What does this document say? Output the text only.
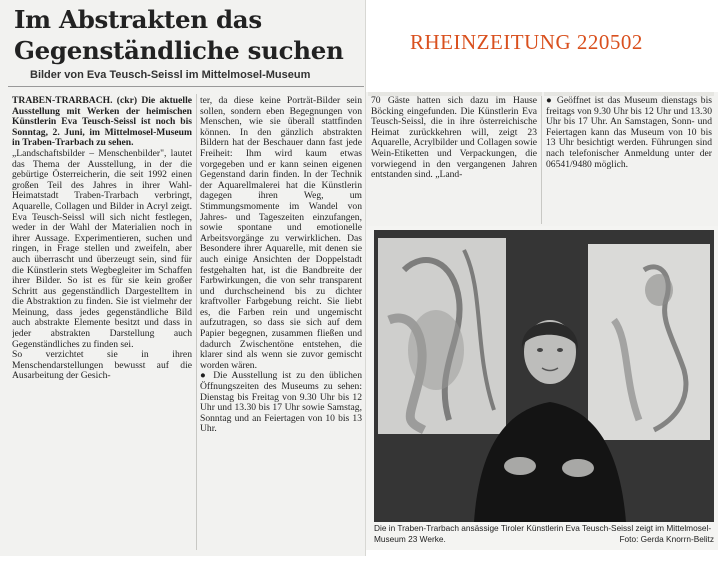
Im Abstrakten das
Gegenständliche suchen
Bilder von Eva Teusch-Seissl im Mittelmosel-Museum
RHEINZEITUNG 220502
TRABEN-TRARBACH. (ckr) Die aktuelle Ausstellung mit Werken der heimischen Künstlerin Eva Teusch-Seissl ist noch bis Sonntag, 2. Juni, im Mittelmosel-Museum in Traben-Trarbach zu sehen.
„Landschaftsbilder – Menschenbilder", lautet das Thema der Ausstellung, in der die gebürtige Österreicherin, die seit 1992 einen großen Teil des Jahres in ihrer Wahl-Heimatstadt Traben-Trarbach verbringt, Aquarelle, Collagen und Bilder in Acryl zeigt. Eva Teusch-Seissl will sich nicht festlegen, weder in der Wahl der Materialien noch in ihrer Aussage. Experimentieren, suchen und ringen, in Frage stellen und zweifeln, aber auch überrascht und überzeugt sein, sind für die Künstlerin stets Wegbegleiter im Schaffen ihrer Bilder. So ist es für sie kein großer Schritt aus gegenständlich Dargestelltem in die Abstraktion zu finden. Sie ist vielmehr der Meinung, dass jedes gegenständliche Bild auch abstrakte Elemente besitzt und dass in jeder abstrakten Darstellung auch Gegenständliches zu finden sei.
So verzichtet sie in ihren Menschendarstellungen bewusst auf die Ausarbeitung der Gesich-
ter, da diese keine Porträt-Bilder sein sollen, sondern eben Begegnungen von Menschen, wie sie überall stattfinden können. In den gänzlich abstrakten Bildern hat der Beschauer dann fast jede Freiheit: Ihm wird kaum etwas vorgegeben und er kann seinen eigenen Gegenstand darin finden. In der Technik der Aquarellmalerei hat die Künstlerin dagegen ihren Weg, um Stimmungsmomente im Wandel von Jahres- und Tageszeiten einzufangen, sowie spontane und emotionelle Arbeitsvorgänge zu verwirklichen. Das Besondere ihrer Aquarelle, mit denen sie auch einige Ansichten der Doppelstadt festgehalten hat, ist die Bandbreite der Farbwirkungen, die von sehr transparent und durchscheinend bis zu dichter kraftvoller Farbgebung reicht. Sie liebt es, die Farben rein und ungemischt aufzutragen, so dass sie sich auf dem Papier begegnen, zusammen fließen und dadurch Zwischentöne entstehen, die klarer sind als wenn sie zuvor gemischt worden wären.
● Die Ausstellung ist zu den üblichen Öffnungszeiten des Museums zu sehen: Dienstag bis Freitag von 9.30 Uhr bis 12 Uhr und 13.30 bis 17 Uhr sowie Samstag, Sonntag und an Feiertagen von 10 bis 13 Uhr.
70 Gäste hatten sich dazu im Hause Böcking eingefunden. Die Künstlerin Eva Teusch-Seissl, die in ihre österreichische Heimat zurückkehren will, zeigt 23 Aquarelle, Acrylbilder und Collagen sowie Wein-Etiketten und Verpackungen, die vorwiegend in den vergangenen Jahren entstanden sind. „Land-
● Geöffnet ist das Museum dienstags bis freitags von 9.30 Uhr bis 12 Uhr und 13.30 Uhr bis 17 Uhr. An Samstagen, Sonn- und Feiertagen kann das Museum von 10 bis 13 Uhr besichtigt werden. Führungen sind nach telefonischer Anmeldung unter der 06541/9480 möglich.
Die in Traben-Trarbach ansässige Tiroler Künstlerin Eva Teusch-Seissl zeigt im Mittelmosel-Museum 23 Werke.	Foto: Gerda Knorrn-Belitz
